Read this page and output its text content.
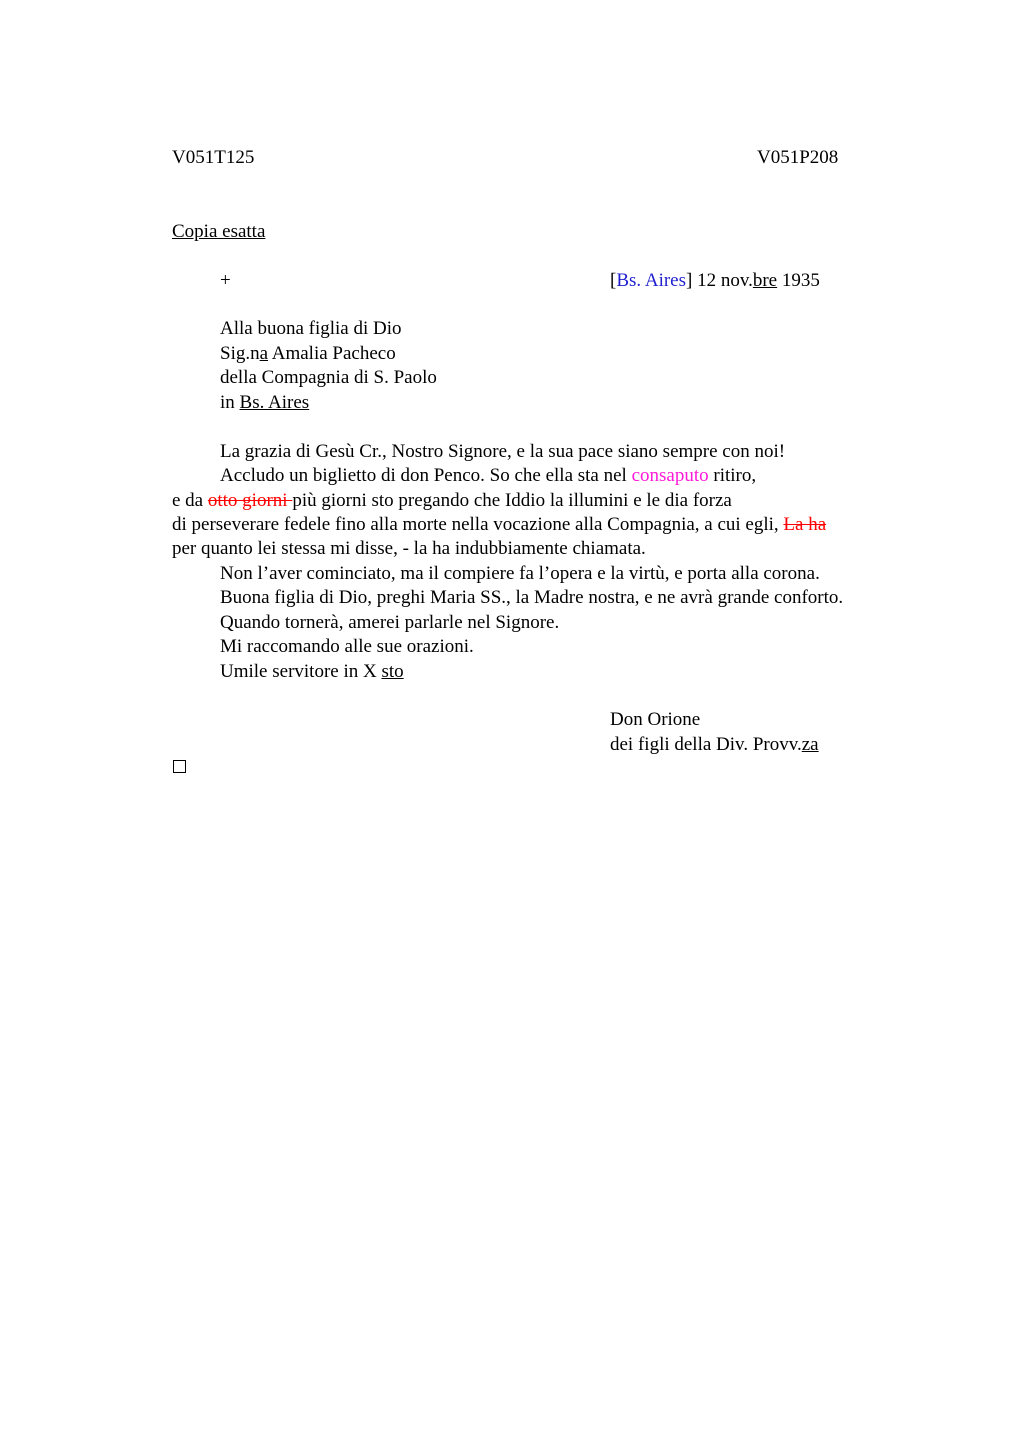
V051T125	V051P208
Copia esatta
+	[Bs. Aires] 12 nov.bre 1935
Alla buona figlia di Dio
Sig.na Amalia Pacheco
della Compagnia di S. Paolo
in Bs. Aires
La grazia di Gesù Cr., Nostro Signore, e la sua pace siano sempre con noi!
Accludo un biglietto di don Penco. So che ella sta nel consaputo ritiro,
e da otto giorni più giorni sto pregando che Iddio la illumini e le dia forza
di perseverare fedele fino alla morte nella vocazione alla Compagnia, a cui egli, La ha
per quanto lei stessa mi disse, - la ha indubbiamente chiamata.
Non l’aver cominciato, ma il compiere fa l’opera e la virtù, e porta alla corona.
Buona figlia di Dio, preghi Maria SS., la Madre nostra, e ne avrà grande conforto.
Quando tornerà, amerei parlarle nel Signore.
Mi raccomando alle sue orazioni.
Umile servitore in X sto
Don Orione
dei figli della Div. Provv.za
